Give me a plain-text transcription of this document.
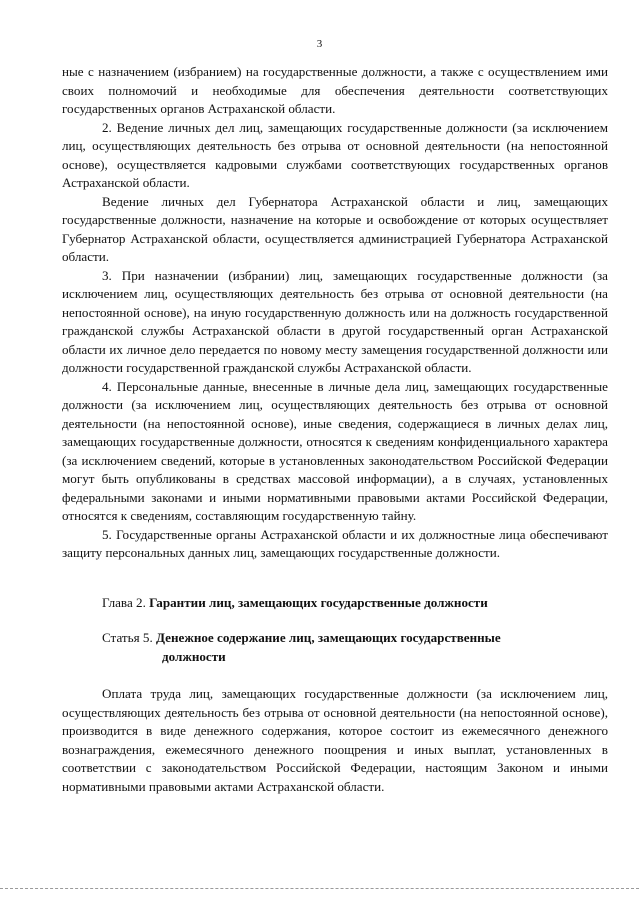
3

ные с назначением (избранием) на государственные должности, а также с осуществлением ими своих полномочий и необходимые для обеспечения деятельности соответствующих государственных органов Астраханской области.

2. Ведение личных дел лиц, замещающих государственные должности (за исключением лиц, осуществляющих деятельность без отрыва от основной деятельности (на непостоянной основе), осуществляется кадровыми службами соответствующих государственных органов Астраханской области.

Ведение личных дел Губернатора Астраханской области и лиц, замещающих государственные должности, назначение на которые и освобождение от которых осуществляет Губернатор Астраханской области, осуществляется администрацией Губернатора Астраханской области.

3. При назначении (избрании) лиц, замещающих государственные должности (за исключением лиц, осуществляющих деятельность без отрыва от основной деятельности (на непостоянной основе), на иную государственную должность или на должность государственной гражданской службы Астраханской области в другой государственный орган Астраханской области их личное дело передается по новому месту замещения государственной должности или должности государственной гражданской службы Астраханской области.

4. Персональные данные, внесенные в личные дела лиц, замещающих государственные должности (за исключением лиц, осуществляющих деятельность без отрыва от основной деятельности (на непостоянной основе), иные сведения, содержащиеся в личных делах лиц, замещающих государственные должности, относятся к сведениям конфиденциального характера (за исключением сведений, которые в установленных законодательством Российской Федерации могут быть опубликованы в средствах массовой информации), а в случаях, установленных федеральными законами и иными нормативными правовыми актами Российской Федерации, относятся к сведениям, составляющим государственную тайну.

5. Государственные органы Астраханской области и их должностные лица обеспечивают защиту персональных данных лиц, замещающих государственные должности.

Глава 2. Гарантии лиц, замещающих государственные должности
Статья 5. Денежное содержание лиц, замещающих государственные
должности

Оплата труда лиц, замещающих государственные должности (за исключением лиц, осуществляющих деятельность без отрыва от основной деятельности (на непостоянной основе), производится в виде денежного содержания, которое состоит из ежемесячного денежного вознаграждения, ежемесячного денежного поощрения и иных выплат, установленных в соответствии с законодательством Российской Федерации, настоящим Законом и иными нормативными правовыми актами Астраханской области.
